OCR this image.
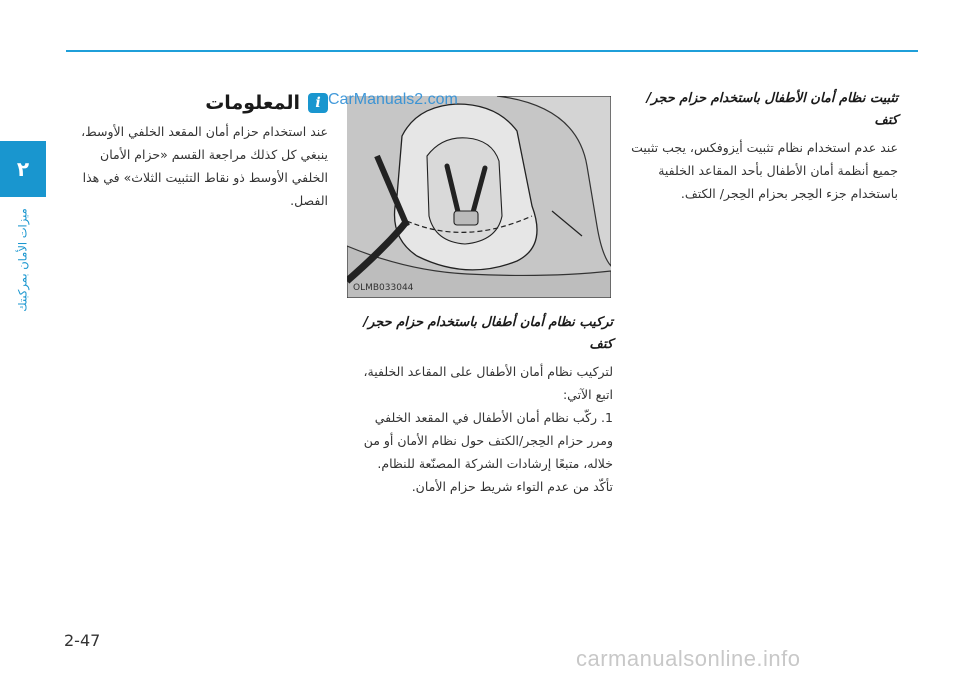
٢
ميزات الأمان بمركبتك

تثبيت نظام أمان الأطفال باستخدام حزام حجر/ كتف

عند عدم استخدام نظام تثبيت أيزوفكس، يجب تثبيت جميع أنظمة أمان الأطفال بأحد المقاعد الخلفية باستخدام جزء الحِجر بحزام الحِجر/ الكتف.

OLMB033044
CarManuals2.com

تركيب نظام أمان أطفال باستخدام حزام حجر/ كتف

لتركيب نظام أمان الأطفال على المقاعد الخلفية، اتبع الآتي:

1. ركّب نظام أمان الأطفال في المقعد الخلفي ومرر حزام الحِجر/الكتف حول نظام الأمان أو من خلاله، متبعًا إرشادات الشركة المصنّعة للنظام.

تأكّد من عدم التواء شريط حزام الأمان.

i
المعلومات

عند استخدام حزام أمان المقعد الخلفي الأوسط، ينبغي كل كذلك مراجعة القسم «حزام الأمان الخلفي الأوسط ذو نقاط التثبيت الثلاث» في هذا الفصل.

2-47
carmanualsonline.info
